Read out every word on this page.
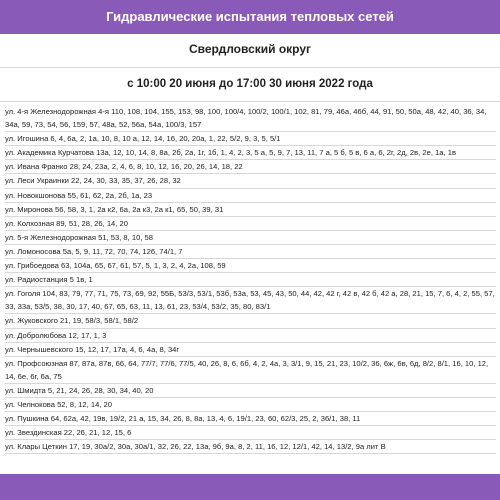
Гидравлические испытания тепловых сетей
Свердловский округ
с 10:00 20 июня до 17:00 30 июня 2022 года
ул. 4-я Железнодорожная 4-я 110, 108, 104, 155, 153, 98, 100, 100/4, 100/2, 100/1, 102, 81, 79, 46а, 46б, 44, 91, 50, 50а, 48, 42, 40, 36, 34, 34а, 59, 73, 54, 56, 159, 57, 48а, 52, 56а, 54а, 100/3, 157
ул. Игошина 6, 4, 6а, 2, 1а, 10, 8, 10 а, 12, 14, 16, 20, 20а, 1, 22, 5/2, 9, 3, 5, 5/1
ул. Академика Курчатова 13а, 12, 10, 14, 8, 8а, 2б, 2а, 1г, 1б, 1, 4, 2, 3, 5 а, 5, 9, 7, 13, 11, 7 а, 5 б, 5 в, 6 а, 6, 2г, 2д, 2в, 2е, 1а, 1в
ул. Ивана Франко 28, 24, 23а, 2, 4, 6, 8, 10, 12, 16, 20, 26, 14, 18, 22
ул. Леси Украинки 22, 24, 30, 33, 35, 37, 26, 28, 32
ул. Новокшонова 55, 61, 62, 2а, 2б, 1а, 23
ул. Миронова 56, 58, 3, 1, 2а к2, 6а, 2а к3, 2а к1, 65, 50, 39, 31
ул. Колхозная 89, 51, 28, 26, 14, 20
ул. 5-я Железнодорожная 51, 53, 8, 10, 58
ул. Ломоносова 5а, 5, 9, 11, 72, 70, 74, 126, 74/1, 7
ул. Грибоедова 63, 104а, 65, 67, 61, 57, 5, 1, 3, 2, 4, 2а, 108, 59
ул. Радиостанция 5 1в, 1
ул. Гоголя 104, 83, 79, 77, 71, 75, 73, 69, 92, 55Б, 53/3, 53/1, 53б, 53а, 53, 45, 43, 50, 44, 42, 42 г, 42 в, 42 б, 42 а, 28, 21, 15, 7, 6, 4, 2, 55, 57, 33, 33а, 53/5, 38, 30, 17, 40, 67, 65, 63, 11, 13, 61, 23, 53/4, 53/2, 35, 80, 83/1
ул. Жуковского 21, 19, 58/3, 58/1, 58/2
ул. Добролюбова 12, 17, 1, 3
ул. Чернышевского 15, 12, 17, 17а, 4, 6, 4а, 8, 34г
ул. Профсоюзная 87, 87а, 87в, 66, 64, 77/7, 77/6, 77/5, 40, 26, 8, 6, 6б, 4, 2, 4а, 3, 3/1, 9, 15, 21, 23, 10/2, 36, 6ж, 6в, 6д, 8/2, 8/1, 16, 10, 12, 14, 6е, 6г, 6а, 75
ул. Шмидта 5, 21, 24, 26, 28, 30, 34, 40, 20
ул. Челнокова 52, 8, 12, 14, 20
ул. Пушкина 64, 62а, 42, 19в, 19/2, 21 а, 15, 34, 26, 8, 8а, 13, 4, 6, 19/1, 23, 60, 62/3, 25, 2, 36/1, 38, 11
ул. Звездинская 22, 26, 21, 12, 15, 6
ул. Клары Цеткин 17, 19, 30а/2, 30а, 30а/1, 32, 26, 22, 13а, 9б, 9а, 8, 2, 11, 16, 12, 12/1, 42, 14, 13/2, 9а лит В
